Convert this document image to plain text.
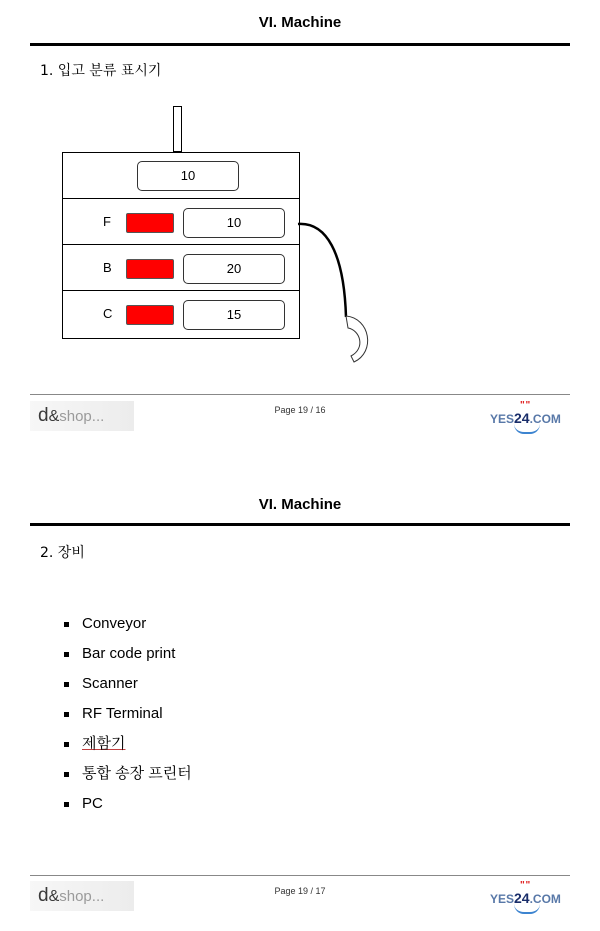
VI. Machine
1. 입고 분류 표시기
10
F	10
B	20
C	15
d&shop...	Page 19 / 16
YES24.COM
" "
VI. Machine
2. 장비
Conveyor
Bar code print
Scanner
RF Terminal
제함기
통합 송장 프린터
PC
d&shop...	Page 19 / 17
YES24.COM
" "
